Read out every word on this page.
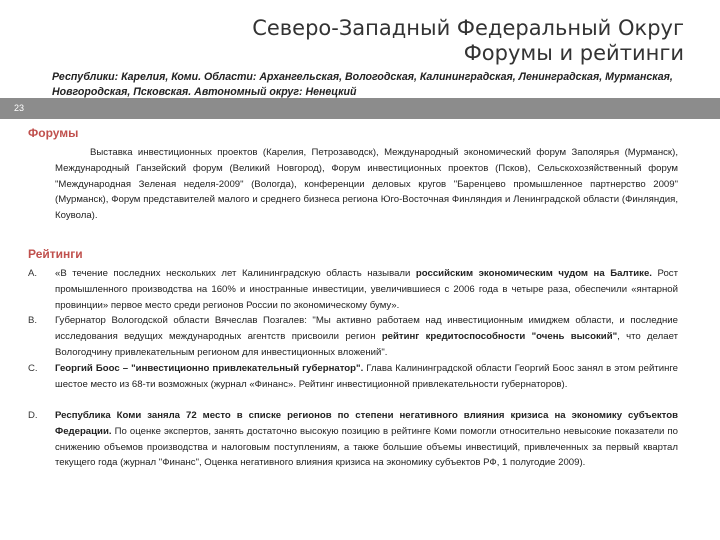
Северо-Западный Федеральный Округ
Форумы и рейтинги
Республики: Карелия, Коми. Области: Архангельская, Вологодская, Калининградская, Ленинградская, Мурманская, Новгородская, Псковская. Автономный округ: Ненецкий
23
Форумы
Выставка инвестиционных проектов (Карелия, Петрозаводск), Международный экономический форум Заполярья (Мурманск), Международный Ганзейский форум (Великий Новгород), Форум инвестиционных проектов (Псков), Сельскохозяйственный форум "Международная Зеленая неделя-2009" (Вологда), конференции деловых кругов "Баренцево промышленное партнерство 2009" (Мурманск), Форум представителей малого и среднего бизнеса региона Юго-Восточная Финляндия и Ленинградской области (Финляндия, Коувола).
Рейтинги
A. «В течение последних нескольких лет Калининградскую область называли российским экономическим чудом на Балтике. Рост промышленного производства на 160% и иностранные инвестиции, увеличившиеся с 2006 года в четыре раза, обеспечили «янтарной провинции» первое место среди регионов России по экономическому буму».
B. Губернатор Вологодской области Вячеслав Позгалев: "Мы активно работаем над инвестиционным имиджем области, и последние исследования ведущих международных агентств присвоили регион рейтинг кредитоспособности "очень высокий", что делает Вологодчину привлекательным регионом для инвестиционных вложений".
C. Георгий Боос – "инвестиционно привлекательный губернатор". Глава Калининградской области Георгий Боос занял в этом рейтинге шестое место из 68-ти возможных (журнал «Финанс». Рейтинг инвестиционной привлекательности губернаторов).
D. Республика Коми заняла 72 место в списке регионов по степени негативного влияния кризиса на экономику субъектов Федерации. По оценке экспертов, занять достаточно высокую позицию в рейтинге Коми помогли относительно невысокие показатели по снижению объемов производства и налоговым поступлениям, а также большие объемы инвестиций, привлеченных за первый квартал текущего года (журнал "Финанс", Оценка негативного влияния кризиса на экономику субъектов РФ, 1 полугодие 2009).
